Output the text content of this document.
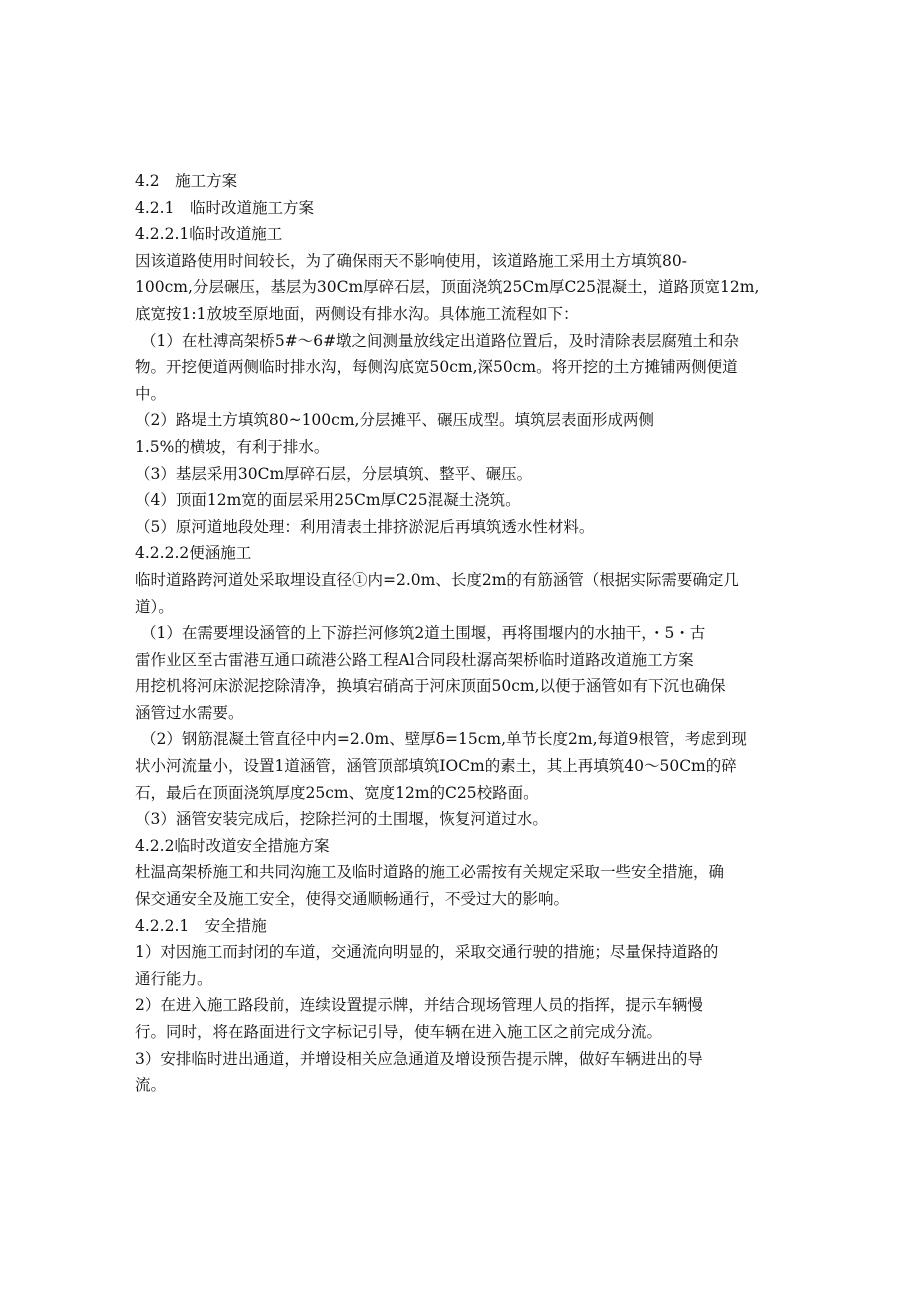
4.2　施工方案
4.2.1　临时改道施工方案
4.2.2.1临时改道施工
因该道路使用时间较长，为了确保雨天不影响使用，该道路施工采用土方填筑80-
100cm,分层碾压，基层为30Cm厚碎石层，顶面浇筑25Cm厚C25混凝土，道路顶宽12m,
底宽按1:1放坡至原地面，两侧设有排水沟。具体施工流程如下：
（1）在杜溥高架桥5#～6#墩之间测量放线定出道路位置后，及时清除表层腐殖土和杂
物。开挖便道两侧临时排水沟，每侧沟底宽50cm,深50cm。将开挖的土方摊铺两侧便道
中。
（2）路堤土方填筑80~100cm,分层摊平、碾压成型。填筑层表面形成两侧
1.5%的横坡，有利于排水。
（3）基层采用30Cm厚碎石层，分层填筑、整平、碾压。
（4）顶面12m宽的面层采用25Cm厚C25混凝土浇筑。
（5）原河道地段处理：利用清表土排挤淤泥后再填筑透水性材料。
4.2.2.2便涵施工
临时道路跨河道处采取埋设直径①内=2.0m、长度2m的有筋涵管（根据实际需要确定几
道）。
（1）在需要埋设涵管的上下游拦河修筑2道土围堰，再将围堰内的水抽干，・5・古
雷作业区至古雷港互通口疏港公路工程Al合同段杜潺高架桥临时道路改道施工方案
用挖机将河床淤泥挖除清净，换填宕硝高于河床顶面50cm,以便于涵管如有下沉也确保
涵管过水需要。
（2）钢筋混凝土管直径中内=2.0m、壁厚δ=15cm,单节长度2m,每道9根管，考虑到现
状小河流量小，设置1道涵管，涵管顶部填筑IOCm的素土，其上再填筑40～50Cm的碎
石，最后在顶面浇筑厚度25cm、宽度12m的C25校路面。
（3）涵管安装完成后，挖除拦河的土围堰，恢复河道过水。
4.2.2临时改道安全措施方案
杜温高架桥施工和共同沟施工及临时道路的施工必需按有关规定采取一些安全措施，确
保交通安全及施工安全，使得交通顺畅通行，不受过大的影响。
4.2.2.1　安全措施
1）对因施工而封闭的车道，交通流向明显的，采取交通行驶的措施；尽量保持道路的
通行能力。
2）在进入施工路段前，连续设置提示牌，并结合现场管理人员的指挥，提示车辆慢
行。同时，将在路面进行文字标记引导，使车辆在进入施工区之前完成分流。
3）安排临时进出通道，并增设相关应急通道及增设预告提示牌，做好车辆进出的导
流。
